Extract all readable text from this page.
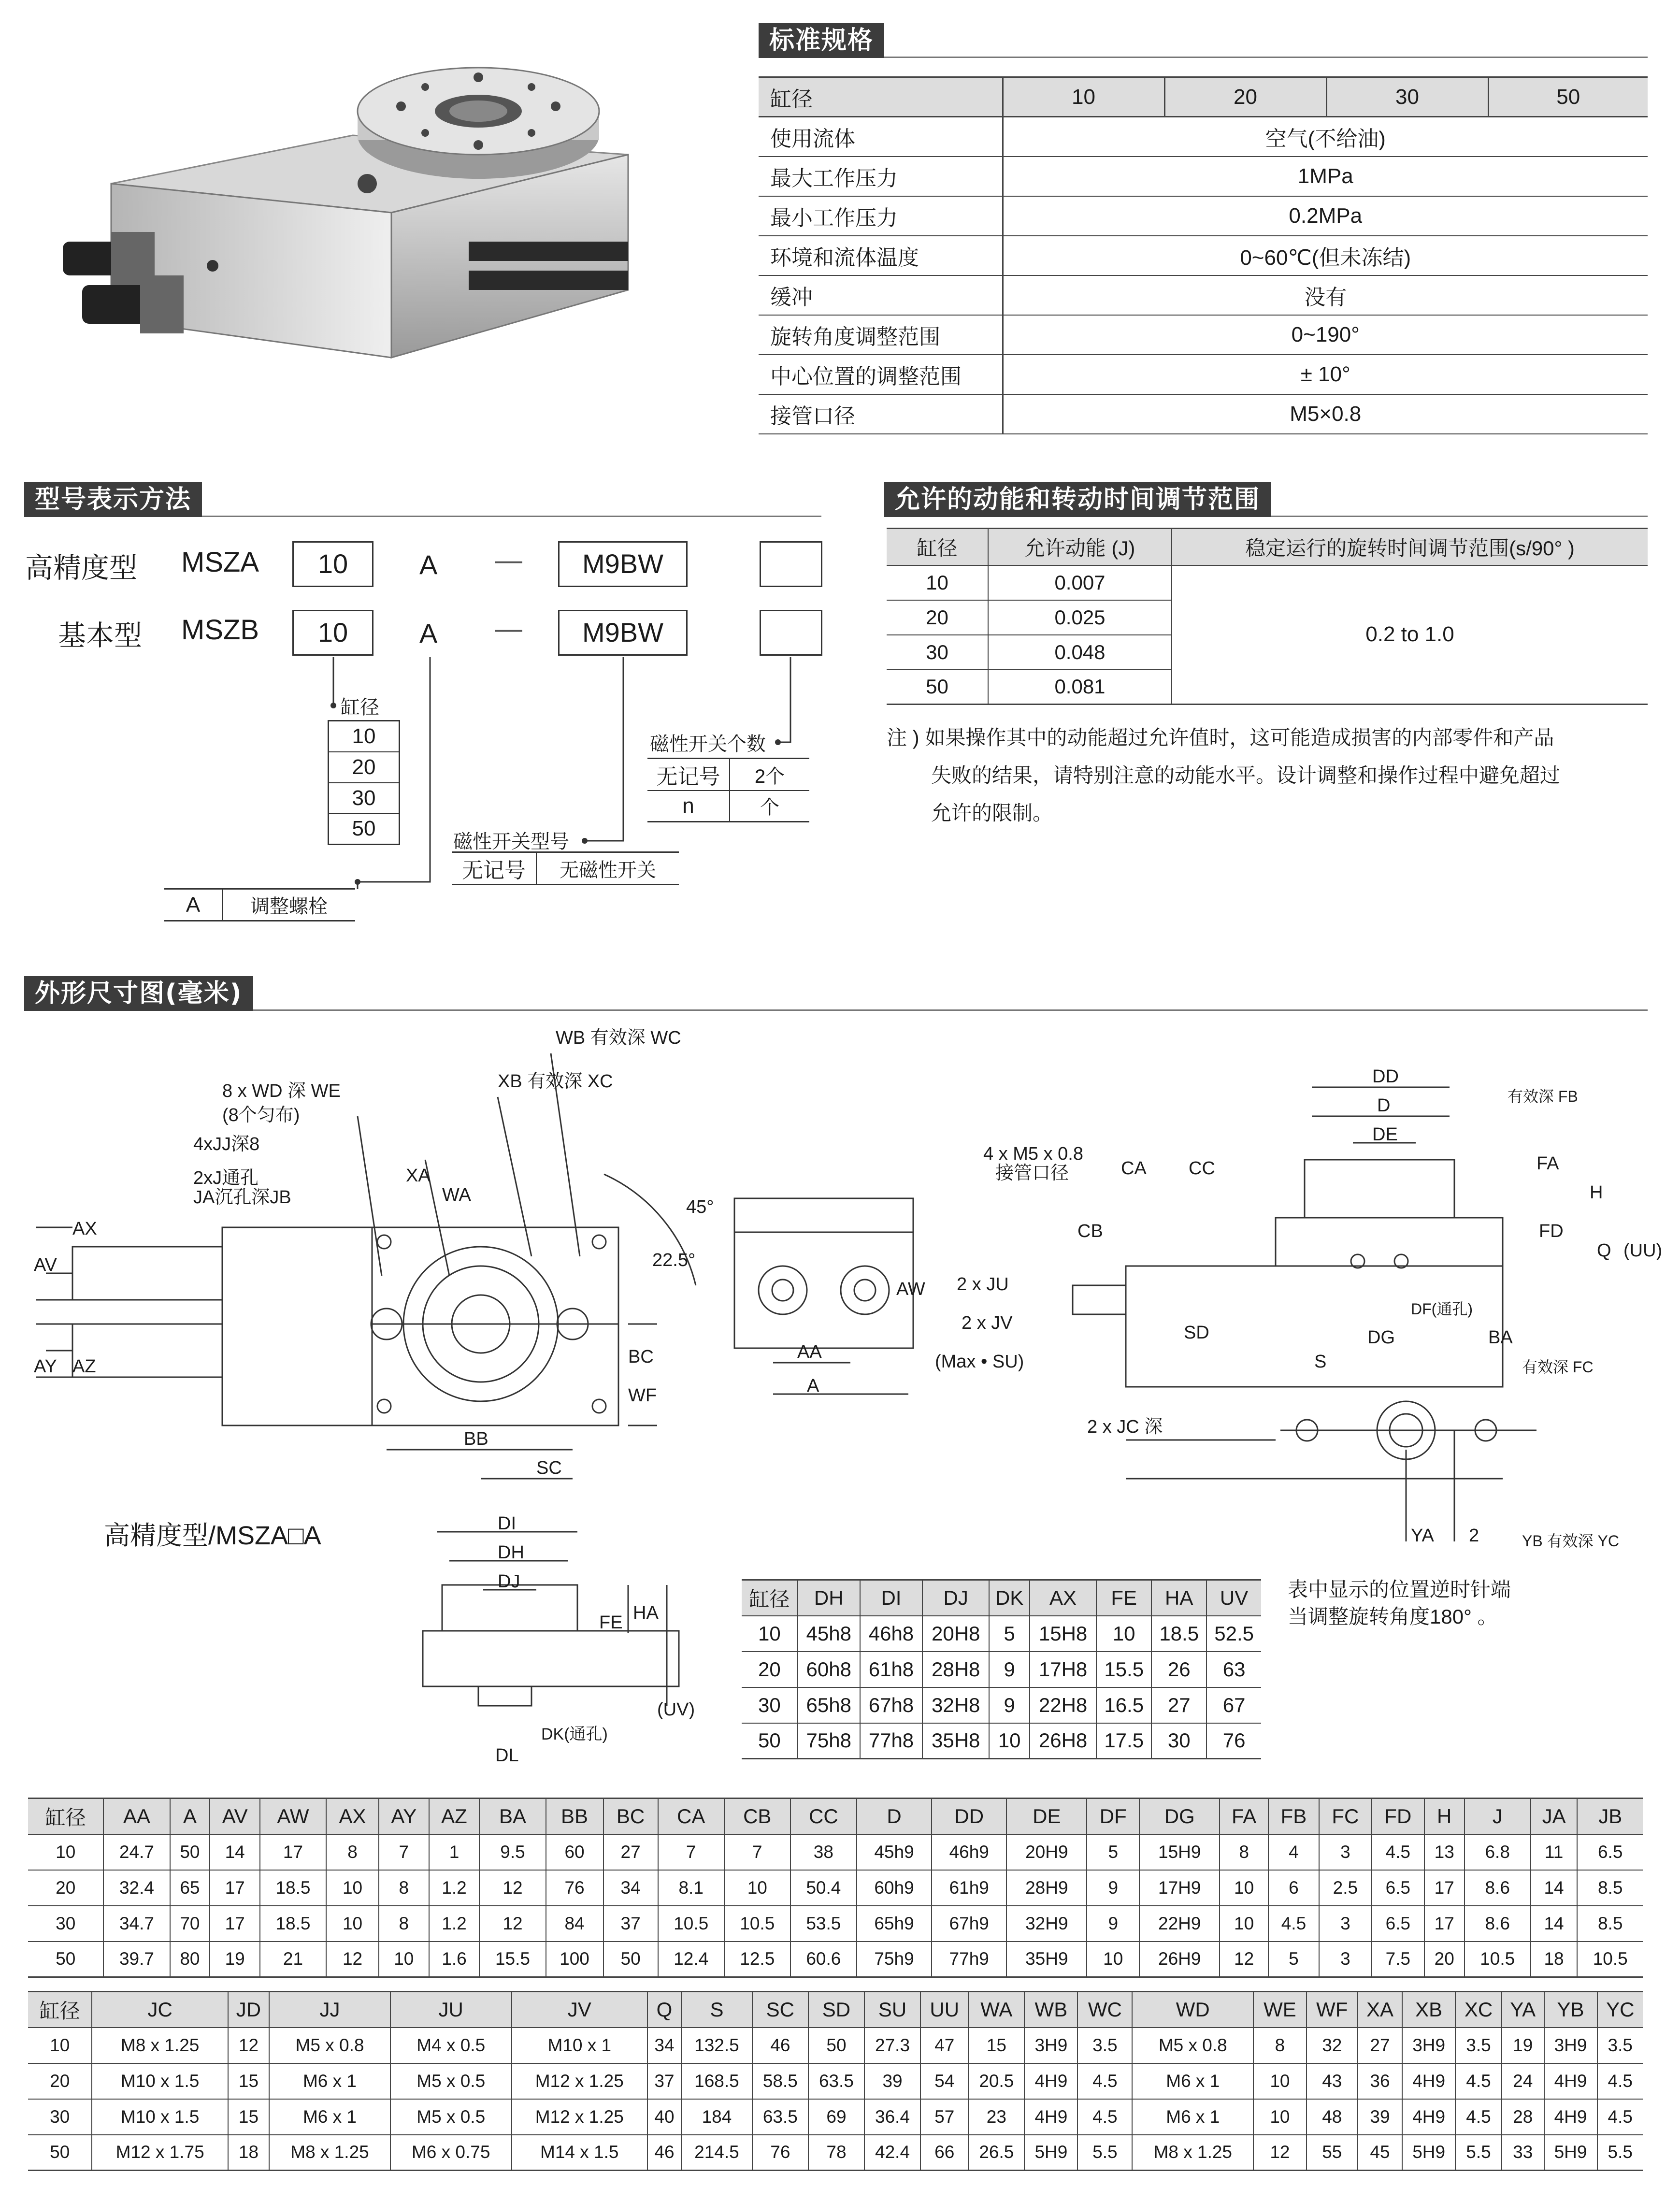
标准规格
缸径	10	20	30	50
使用流体	空气(不给油)			
最大工作压力	1MPa			
最小工作压力	0.2MPa			
环境和流体温度	0~60℃(但未冻结)			
缓冲	没有			
旋转角度调整范围	0~190°			
中心位置的调整范围	± 10°			
接管口径	M5×0.8			
型号表示方法
高精度型 MSZA	10	A —	M9BW
基本型 MSZB	10	A —	M9BW
缸径
10
20
30
50
磁性开关个数
无记号	2个
n	个
磁性开关型号
无记号	无磁性开关
A	调整螺栓
允许的动能和转动时间调节范围
缸径	允许动能 (J)	稳定运行的旋转时间调节范围(s/90° )
10	0.007	0.2 to 1.0
20	0.025	
30	0.048	
50	0.081	
注 ) 如果操作其中的动能超过允许值时，这可能造成损害的内部零件和产品
失败的结果，请特别注意的动能水平。设计调整和操作过程中避免超过
允许的限制。
外形尺寸图(毫米)
8 x WD 深 WE
(8个匀布)
4xJJ深8
2xJ通孔
JA沉孔深JB
XA
WA
XB 有效深 XC
WB 有效深 WC
45°
22.5°
BC
WF
BB
SC
AX
AV
AY AZ
AA
A
AW
4 x M5 x 0.8
接管口径	CA CC
CB
2 x JU
2 x JV
(Max • SU)
SD
S
2 x JC 深
DD
D
DE
有效深 FB
FA
H
FD
Q (UU)
DF(通孔)
DG	BA
有效深 FC
YA 2	YB 有效深 YC
DI
DH
DJ
FE HA
(UV)
DK(通孔)
DL
高精度型/MSZA□A
表中显示的位置逆时针端
当调整旋转角度180° 。
缸径	DH	DI	DJ	DK	AX	FE	HA	UV
10	45h8	46h8	20H8	5	15H8	10	18.5	52.5
20	60h8	61h8	28H8	9	17H8	15.5	26	63
30	65h8	67h8	32H8	9	22H8	16.5	27	67
50	75h8	77h8	35H8	10	26H8	17.5	30	76
缸径	AA	A	AV	AW	AX	AY	AZ	BA	BB	BC	CA	CB	CC	D	DD	DE	DF	DG	FA	FB	FC	FD	H	J	JA	JB
10	24.7	50	14	17	8	7	1	9.5	60	27	7	7	38	45h9	46h9	20H9	5	15H9	8	4	3	4.5	13	6.8	11	6.5
20	32.4	65	17	18.5	10	8	1.2	12	76	34	8.1	10	50.4	60h9	61h9	28H9	9	17H9	10	6	2.5	6.5	17	8.6	14	8.5
30	34.7	70	17	18.5	10	8	1.2	12	84	37	10.5	10.5	53.5	65h9	67h9	32H9	9	22H9	10	4.5	3	6.5	17	8.6	14	8.5
50	39.7	80	19	21	12	10	1.6	15.5	100	50	12.4	12.5	60.6	75h9	77h9	35H9	10	26H9	12	5	3	7.5	20	10.5	18	10.5
缸径	JC	JD	JJ	JU	JV	Q	S	SC	SD	SU	UU	WA	WB	WC	WD	WE	WF	XA	XB	XC	YA	YB	YC
10	M8 x 1.25	12	M5 x 0.8	M4 x 0.5	M10 x 1	34	132.5	46	50	27.3	47	15	3H9	3.5	M5 x 0.8	8	32	27	3H9	3.5	19	3H9	3.5
20	M10 x 1.5	15	M6 x 1	M5 x 0.5	M12 x 1.25	37	168.5	58.5	63.5	39	54	20.5	4H9	4.5	M6 x 1	10	43	36	4H9	4.5	24	4H9	4.5
30	M10 x 1.5	15	M6 x 1	M5 x 0.5	M12 x 1.25	40	184	63.5	69	36.4	57	23	4H9	4.5	M6 x 1	10	48	39	4H9	4.5	28	4H9	4.5
50	M12 x 1.75	18	M8 x 1.25	M6 x 0.75	M14 x 1.5	46	214.5	76	78	42.4	66	26.5	5H9	5.5	M8 x 1.25	12	55	45	5H9	5.5	33	5H9	5.5
